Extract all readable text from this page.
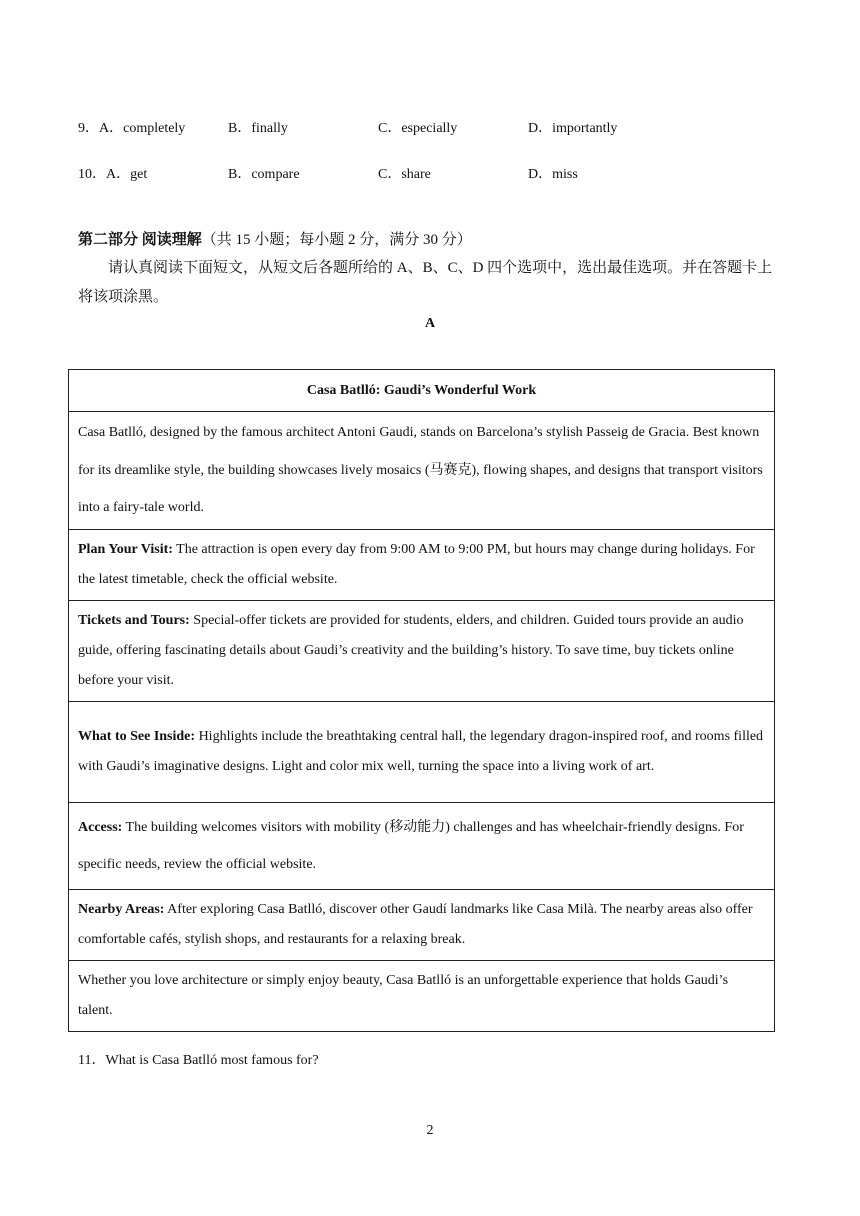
9．A．completely	B．finally	C．especially	D．importantly
10．A．get	B．compare	C．share	D．miss
第二部分 阅读理解（共 15 小题；每小题 2 分，满分 30 分）
请认真阅读下面短文，从短文后各题所给的 A、B、C、D 四个选项中，选出最佳选项。并在答题卡上将该项涂黑。
A
Casa Batlló: Gaudi’s Wonderful Work
Casa Batlló, designed by the famous architect Antoni Gaudi, stands on Barcelona’s stylish Passeig de Gracia. Best known for its dreamlike style, the building showcases lively mosaics (马赛克), flowing shapes, and designs that transport visitors into a fairy-tale world.
Plan Your Visit: The attraction is open every day from 9:00 AM to 9:00 PM, but hours may change during holidays. For the latest timetable, check the official website.
Tickets and Tours: Special-offer tickets are provided for students, elders, and children. Guided tours provide an audio guide, offering fascinating details about Gaudi’s creativity and the building’s history. To save time, buy tickets online before your visit.
What to See Inside: Highlights include the breathtaking central hall, the legendary dragon-inspired roof, and rooms filled with Gaudi’s imaginative designs. Light and color mix well, turning the space into a living work of art.
Access: The building welcomes visitors with mobility (移动能力) challenges and has wheelchair-friendly designs. For specific needs, review the official website.
Nearby Areas: After exploring Casa Batlló, discover other Gaudí landmarks like Casa Milà. The nearby areas also offer comfortable cafés, stylish shops, and restaurants for a relaxing break.
Whether you love architecture or simply enjoy beauty, Casa Batlló is an unforgettable experience that holds Gaudi’s talent.
11．What is Casa Batlló most famous for?
2
